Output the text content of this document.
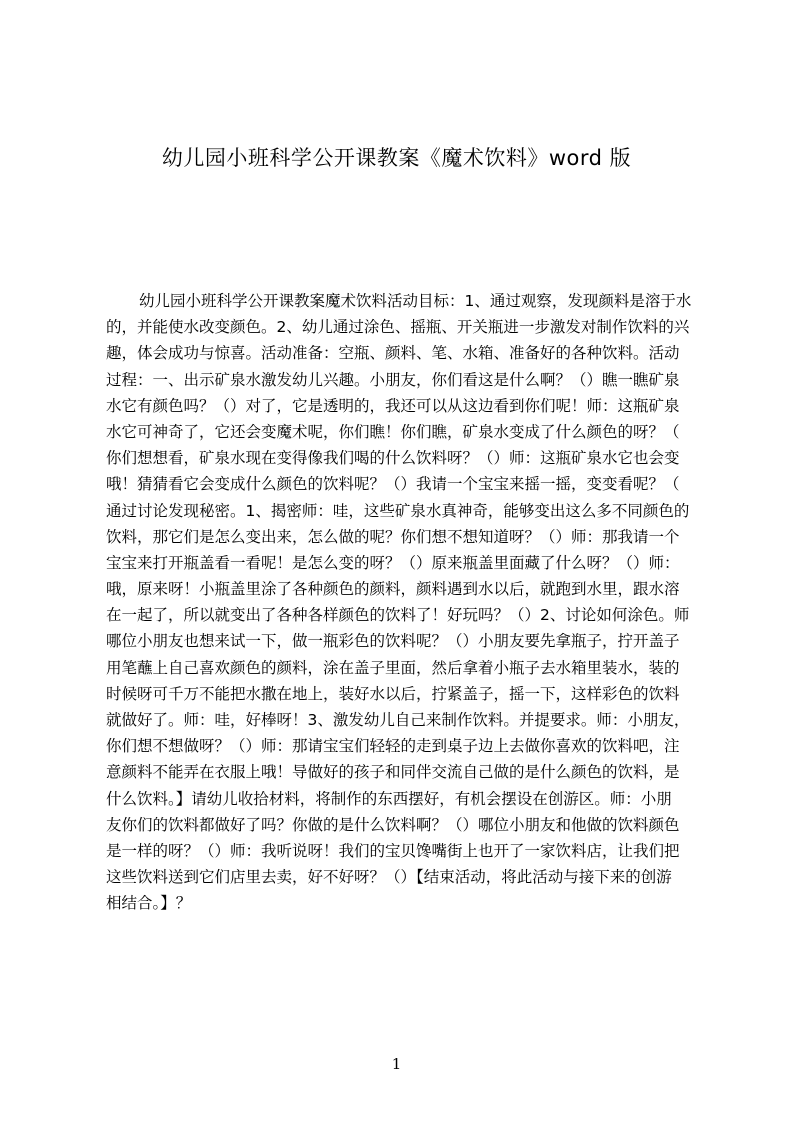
幼儿园小班科学公开课教案《魔术饮料》word 版
幼儿园小班科学公开课教案魔术饮料活动目标：1、通过观察，发现颜料是溶于水
的，并能使水改变颜色。2、幼儿通过涂色、摇瓶、开关瓶进一步激发对制作饮料的兴
趣，体会成功与惊喜。活动准备：空瓶、颜料、笔、水箱、准备好的各种饮料。活动
过程：一、出示矿泉水激发幼儿兴趣。小朋友，你们看这是什么啊？（）瞧一瞧矿泉
水它有颜色吗？（）对了，它是透明的，我还可以从这边看到你们呢！师：这瓶矿泉
水它可神奇了，它还会变魔术呢，你们瞧！你们瞧，矿泉水变成了什么颜色的呀？（
你们想想看，矿泉水现在变得像我们喝的什么饮料呀？（）师：这瓶矿泉水它也会变
哦！猜猜看它会变成什么颜色的饮料呢？（）我请一个宝宝来摇一摇，变变看呢？（
通过讨论发现秘密。1、揭密师：哇，这些矿泉水真神奇，能够变出这么多不同颜色的
饮料，那它们是怎么变出来，怎么做的呢？你们想不想知道呀？（）师：那我请一个
宝宝来打开瓶盖看一看呢！是怎么变的呀？（）原来瓶盖里面藏了什么呀？（）师：
哦，原来呀！小瓶盖里涂了各种颜色的颜料，颜料遇到水以后，就跑到水里，跟水溶
在一起了，所以就变出了各种各样颜色的饮料了！好玩吗？（）2、讨论如何涂色。师
哪位小朋友也想来试一下，做一瓶彩色的饮料呢？（）小朋友要先拿瓶子，拧开盖子
用笔蘸上自己喜欢颜色的颜料，涂在盖子里面，然后拿着小瓶子去水箱里装水，装的
时候呀可千万不能把水撒在地上，装好水以后，拧紧盖子，摇一下，这样彩色的饮料
就做好了。师：哇，好棒呀！3、激发幼儿自己来制作饮料。并提要求。师：小朋友，
你们想不想做呀？（）师：那请宝宝们轻轻的走到桌子边上去做你喜欢的饮料吧，注
意颜料不能弄在衣服上哦！导做好的孩子和同伴交流自己做的是什么颜色的饮料，是
什么饮料。】请幼儿收拾材料，将制作的东西摆好，有机会摆设在创游区。师：小朋
友你们的饮料都做好了吗？你做的是什么饮料啊？（）哪位小朋友和他做的饮料颜色
是一样的呀？（）师：我听说呀！我们的宝贝馋嘴街上也开了一家饮料店，让我们把
这些饮料送到它们店里去卖，好不好呀？（）【结束活动，将此活动与接下来的创游
相结合。】？
1
